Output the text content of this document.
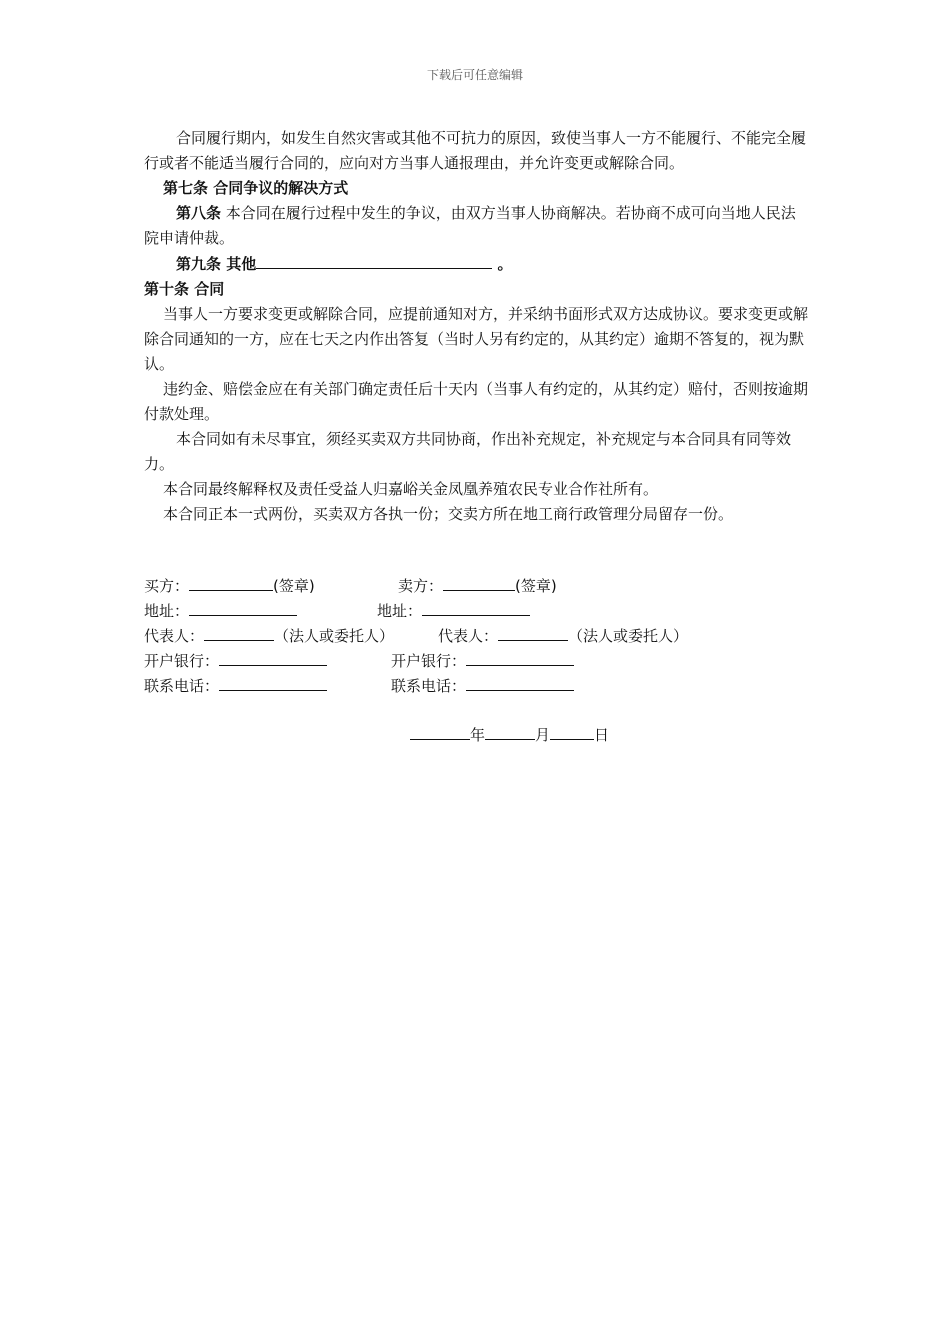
下载后可任意编辑

合同履行期内，如发生自然灾害或其他不可抗力的原因，致使当事人一方不能履行、不能完全履行或者不能适当履行合同的，应向对方当事人通报理由，并允许变更或解除合同。

第七条 合同争议的解决方式

第八条 本合同在履行过程中发生的争议，由双方当事人协商解决。若协商不成可向当地人民法院申请仲裁。

第九条 其他	。

第十条 合同

当事人一方要求变更或解除合同，应提前通知对方，并采纳书面形式双方达成协议。要求变更或解除合同通知的一方，应在七天之内作出答复（当时人另有约定的，从其约定）逾期不答复的，视为默认。

违约金、赔偿金应在有关部门确定责任后十天内（当事人有约定的，从其约定）赔付，否则按逾期付款处理。

本合同如有未尽事宜，须经买卖双方共同协商，作出补充规定，补充规定与本合同具有同等效力。

本合同最终解释权及责任受益人归嘉峪关金凤凰养殖农民专业合作社所有。

本合同正本一式两份，买卖双方各执一份；交卖方所在地工商行政管理分局留存一份。

买方：	(签章)	卖方：	(签章)
地址：	地址：
代表人：	（法人或委托人）	代表人：	（法人或委托人）
开户银行：	开户银行：
联系电话：	联系电话：
年	月	日
